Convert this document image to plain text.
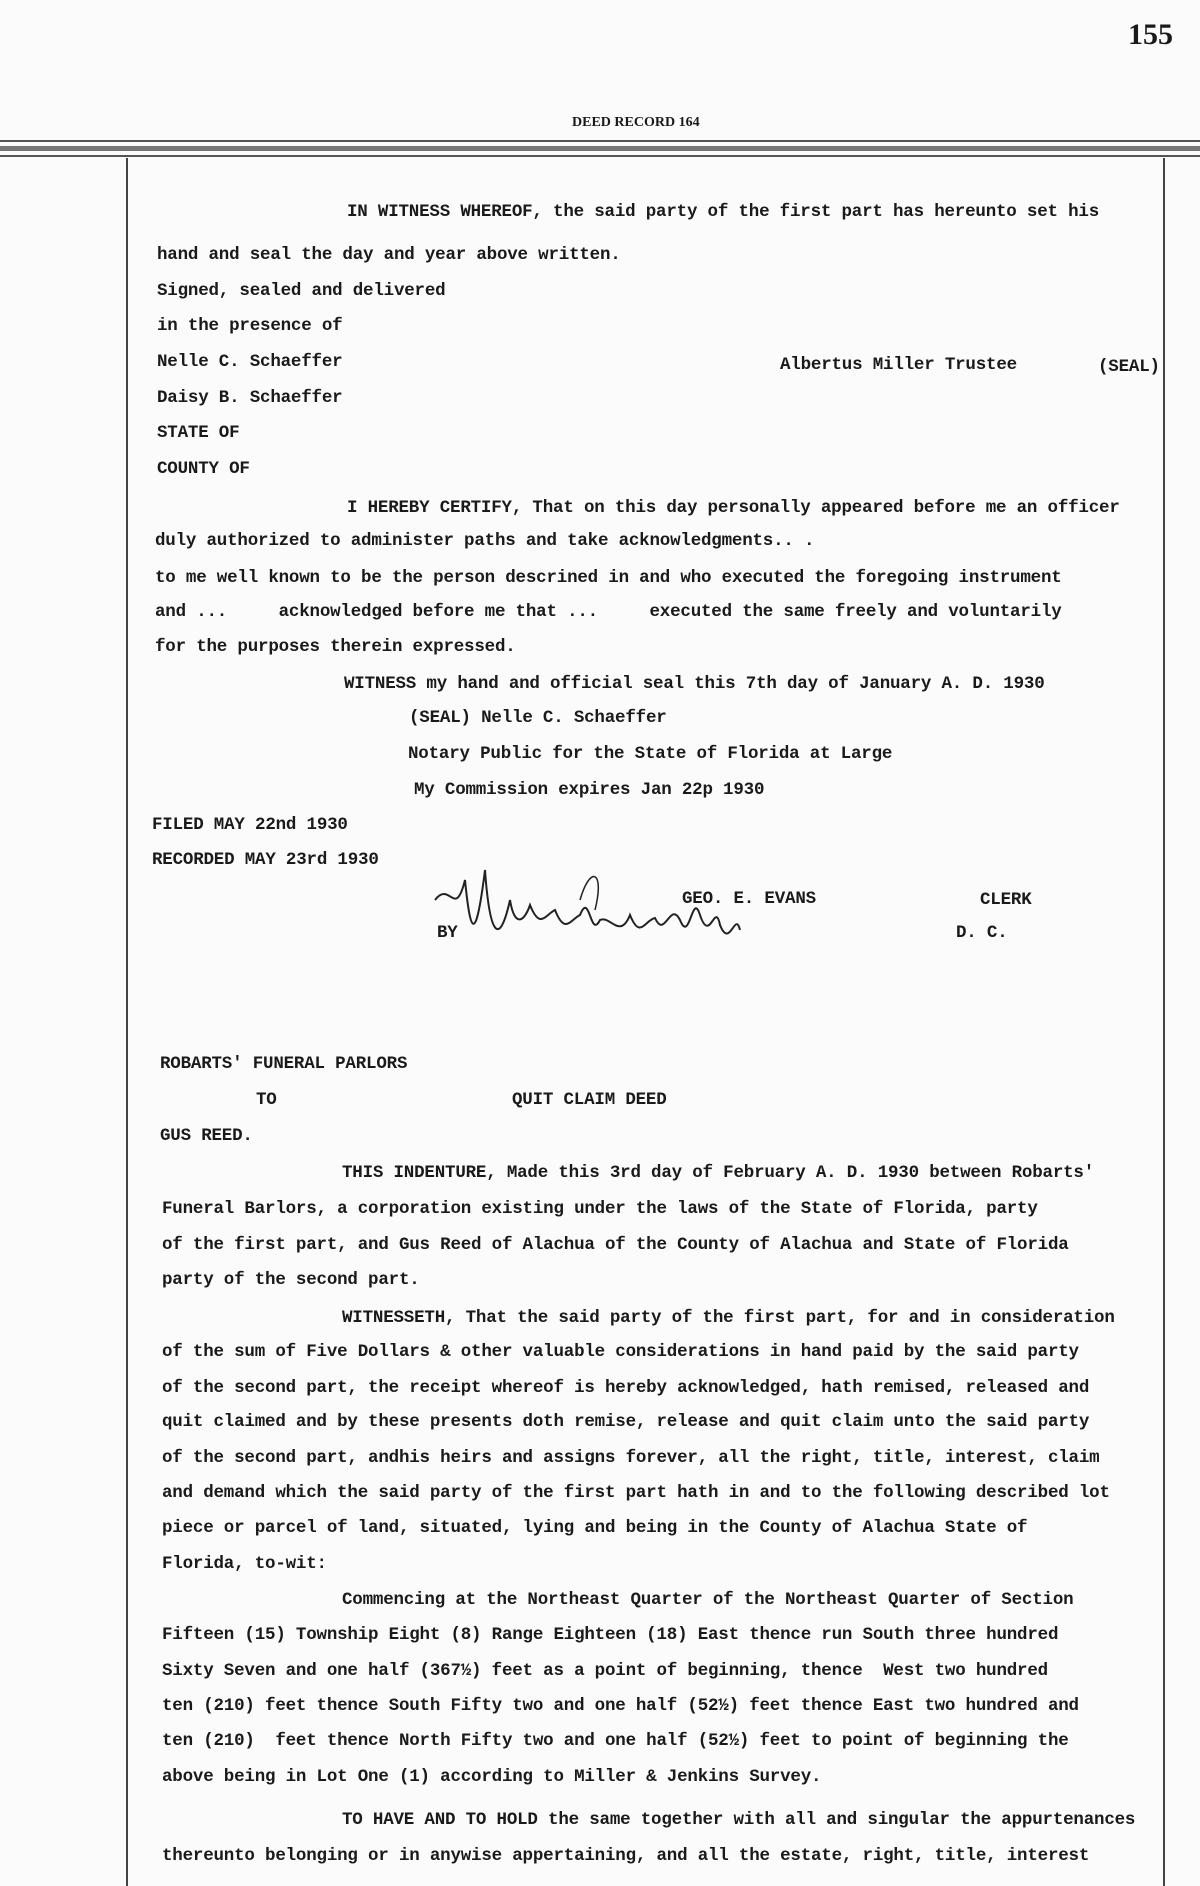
155
DEED RECORD 164
IN WITNESS WHEREOF, the said party of the first part has hereunto set his
hand and seal the day and year above written.
Signed, sealed and delivered
in the presence of
Nelle C. Schaeffer	Albertus Miller Trustee	(SEAL)
Daisy B. Schaeffer
STATE OF
COUNTY OF
I HEREBY CERTIFY, That on this day personally appeared before me an officer
duly authorized to administer paths and take acknowledgments.. .
to me well known to be the person descrined in and who executed the foregoing instrument
and ...     acknowledged before me that ...     executed the same freely and voluntarily
for the purposes therein expressed.
WITNESS my hand and official seal this 7th day of January A. D. 1930
(SEAL) Nelle C. Schaeffer
Notary Public for the State of Florida at Large
My Commission expires Jan 22p 1930
FILED MAY 22nd 1930
RECORDED MAY 23rd 1930
GEO. E. EVANS	CLERK
BY	D. C.
ROBARTS' FUNERAL PARLORS
TO	QUIT CLAIM DEED
GUS REED.
THIS INDENTURE, Made this 3rd day of February A. D. 1930 between Robarts'
Funeral Barlors, a corporation existing under the laws of the State of Florida, party
of the first part, and Gus Reed of Alachua of the County of Alachua and State of Florida
party of the second part.
WITNESSETH, That the said party of the first part, for and in consideration
of the sum of Five Dollars & other valuable considerations in hand paid by the said party
of the second part, the receipt whereof is hereby acknowledged, hath remised, released and
quit claimed and by these presents doth remise, release and quit claim unto the said party
of the second part, andhis heirs and assigns forever, all the right, title, interest, claim
and demand which the said party of the first part hath in and to the following described lot
piece or parcel of land, situated, lying and being in the County of Alachua State of
Florida, to-wit:
Commencing at the Northeast Quarter of the Northeast Quarter of Section
Fifteen (15) Township Eight (8) Range Eighteen (18) East thence run South three hundred
Sixty Seven and one half (367½) feet as a point of beginning, thence  West two hundred
ten (210) feet thence South Fifty two and one half (52½) feet thence East two hundred and
ten (210)  feet thence North Fifty two and one half (52½) feet to point of beginning the
above being in Lot One (1) according to Miller & Jenkins Survey.
TO HAVE AND TO HOLD the same together with all and singular the appurtenances
thereunto belonging or in anywise appertaining, and all the estate, right, title, interest
